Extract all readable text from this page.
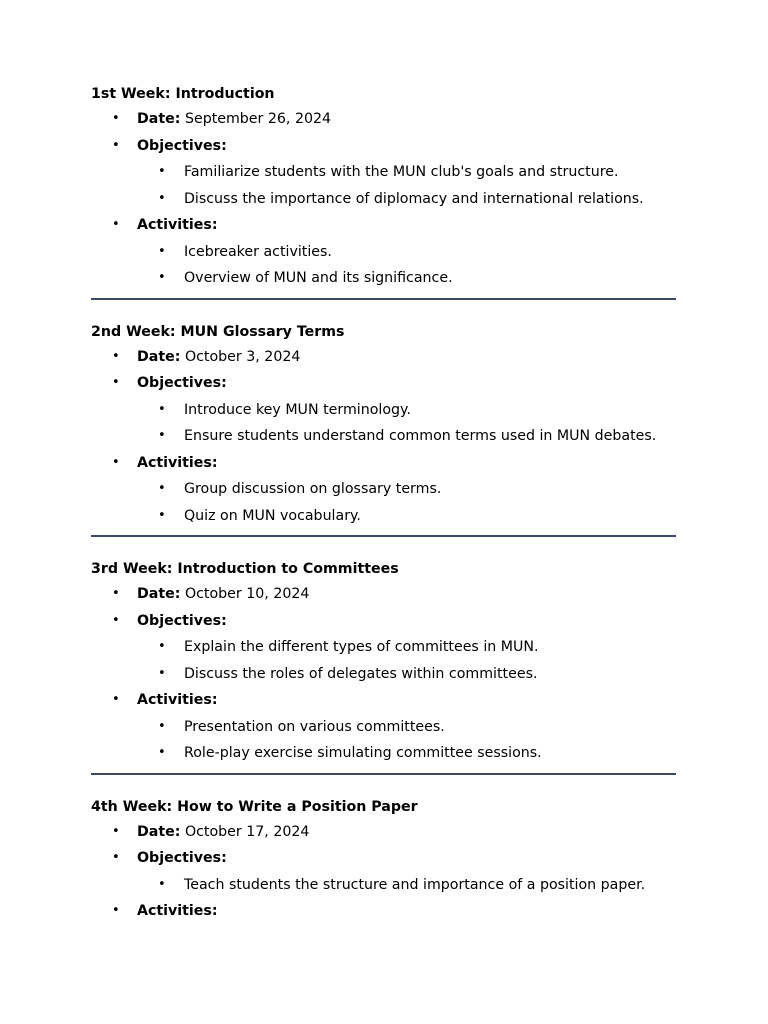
1st Week: Introduction
• Date: September 26, 2024
• Objectives:
• Familiarize students with the MUN club's goals and structure.
• Discuss the importance of diplomacy and international relations.
• Activities:
• Icebreaker activities.
• Overview of MUN and its significance.
2nd Week: MUN Glossary Terms
• Date: October 3, 2024
• Objectives:
• Introduce key MUN terminology.
• Ensure students understand common terms used in MUN debates.
• Activities:
• Group discussion on glossary terms.
• Quiz on MUN vocabulary.
3rd Week: Introduction to Committees
• Date: October 10, 2024
• Objectives:
• Explain the different types of committees in MUN.
• Discuss the roles of delegates within committees.
• Activities:
• Presentation on various committees.
• Role-play exercise simulating committee sessions.
4th Week: How to Write a Position Paper
• Date: October 17, 2024
• Objectives:
• Teach students the structure and importance of a position paper.
• Activities:
